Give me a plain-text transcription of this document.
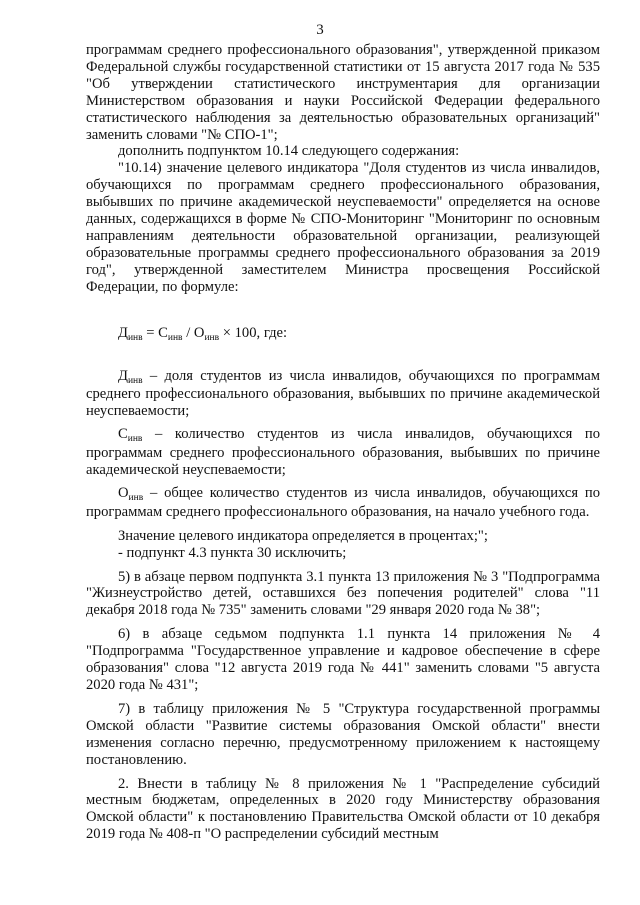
3

программам среднего профессионального образования", утвержденной приказом Федеральной службы государственной статистики от 15 августа 2017 года № 535 "Об утверждении статистического инструментария для организации Министерством образования и науки Российской Федерации федерального статистического наблюдения за деятельностью образовательных организаций" заменить словами "№ СПО-1";

дополнить подпунктом 10.14 следующего содержания:

"10.14) значение целевого индикатора "Доля студентов из числа инвалидов, обучающихся по программам среднего профессионального образования, выбывших по причине академической неуспеваемости" определяется на основе данных, содержащихся в форме № СПО-Мониторинг "Мониторинг по основным направлениям деятельности образовательной организации, реализующей образовательные программы среднего профессионального образования за 2019 год", утвержденной заместителем Министра просвещения Российской Федерации, по формуле:

$Д_{инв} = С_{инв} / О_{инв} \times 100$, где:

$Д_{инв}$ – доля студентов из числа инвалидов, обучающихся по программам среднего профессионального образования, выбывших по причине академической неуспеваемости;

$С_{инв}$ – количество студентов из числа инвалидов, обучающихся по программам среднего профессионального образования, выбывших по причине академической неуспеваемости;

$О_{инв}$ – общее количество студентов из числа инвалидов, обучающихся по программам среднего профессионального образования, на начало учебного года.

Значение целевого индикатора определяется в процентах;";

- подпункт 4.3 пункта 30 исключить;

5) в абзаце первом подпункта 3.1 пункта 13 приложения № 3 "Подпрограмма "Жизнеустройство детей, оставшихся без попечения родителей" слова "11 декабря 2018 года № 735" заменить словами "29 января 2020 года № 38";

6) в абзаце седьмом подпункта 1.1 пункта 14 приложения № 4 "Подпрограмма "Государственное управление и кадровое обеспечение в сфере образования" слова "12 августа 2019 года № 441" заменить словами "5 августа 2020 года № 431";

7) в таблицу приложения № 5 "Структура государственной программы Омской области "Развитие системы образования Омской области" внести изменения согласно перечню, предусмотренному приложением к настоящему постановлению.

2. Внести в таблицу № 8 приложения № 1 "Распределение субсидий местным бюджетам, определенных в 2020 году Министерству образования Омской области" к постановлению Правительства Омской области от 10 декабря 2019 года № 408-п "О распределении субсидий местным
